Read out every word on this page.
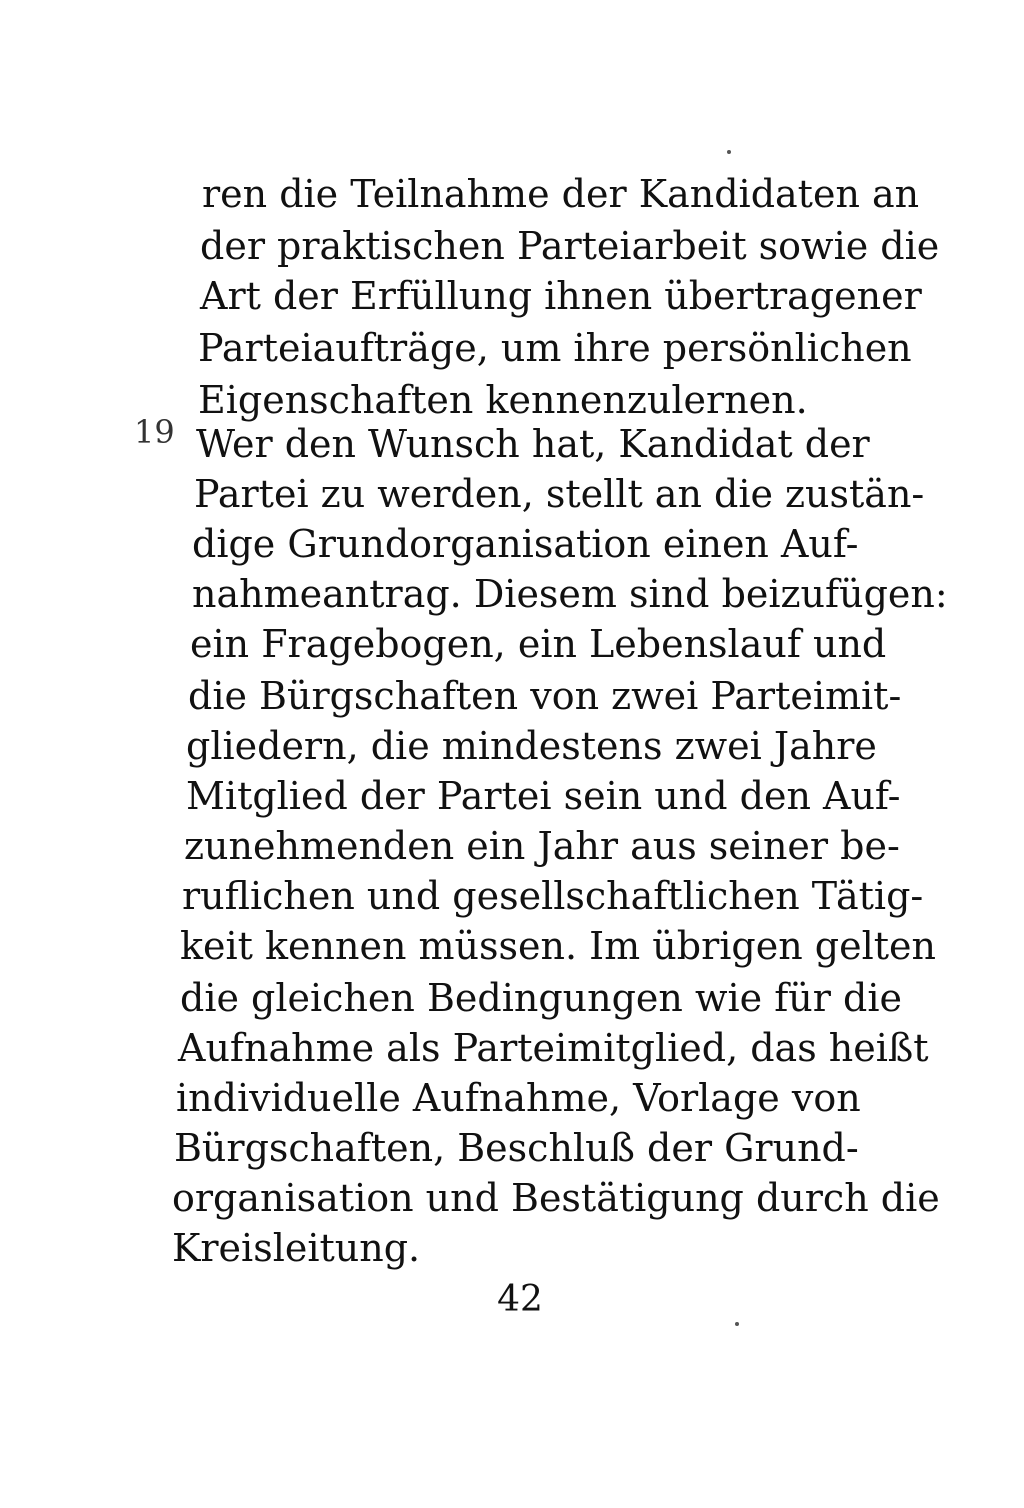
ren die Teilnahme der Kandidaten an
der praktischen Parteiarbeit sowie die
Art der Erfüllung ihnen übertragener
Parteiaufträge, um ihre persönlichen
Eigenschaften kennenzulernen.
19 Wer den Wunsch hat, Kandidat der
Partei zu werden, stellt an die zustän-
dige Grundorganisation einen Auf-
nahmeantrag. Diesem sind beizufügen:
ein Fragebogen, ein Lebenslauf und
die Bürgschaften von zwei Parteimit-
gliedern, die mindestens zwei Jahre
Mitglied der Partei sein und den Auf-
zunehmenden ein Jahr aus seiner be-
ruflichen und gesellschaftlichen Tätig-
keit kennen müssen. Im übrigen gelten
die gleichen Bedingungen wie für die
Aufnahme als Parteimitglied, das heißt
individuelle Aufnahme, Vorlage von
Bürgschaften, Beschluß der Grund-
organisation und Bestätigung durch die
Kreisleitung.
42
